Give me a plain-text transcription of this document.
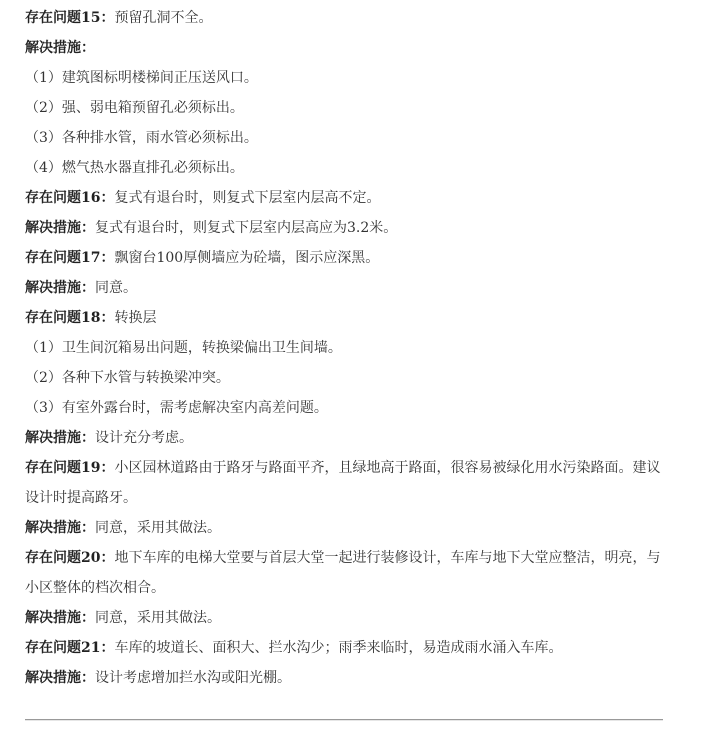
存在问题15：预留孔洞不全。

解决措施：

（1）建筑图标明楼梯间正压送风口。

（2）强、弱电箱预留孔必须标出。

（3）各种排水管，雨水管必须标出。

（4）燃气热水器直排孔必须标出。

存在问题16：复式有退台时，则复式下层室内层高不定。

解决措施：复式有退台时，则复式下层室内层高应为3.2米。

存在问题17：飘窗台100厚侧墙应为砼墙，图示应深黑。

解决措施：同意。

存在问题18：转换层

（1）卫生间沉箱易出问题，转换梁偏出卫生间墙。

（2）各种下水管与转换梁冲突。

（3）有室外露台时，需考虑解决室内高差问题。

解决措施：设计充分考虑。

存在问题19：小区园林道路由于路牙与路面平齐，且绿地高于路面，很容易被绿化用水污染路面。建议设计时提高路牙。

解决措施：同意，采用其做法。

存在问题20：地下车库的电梯大堂要与首层大堂一起进行装修设计，车库与地下大堂应整洁，明亮，与小区整体的档次相合。

解决措施：同意，采用其做法。

存在问题21：车库的坡道长、面积大、拦水沟少；雨季来临时，易造成雨水涌入车库。

解决措施：设计考虑增加拦水沟或阳光棚。
